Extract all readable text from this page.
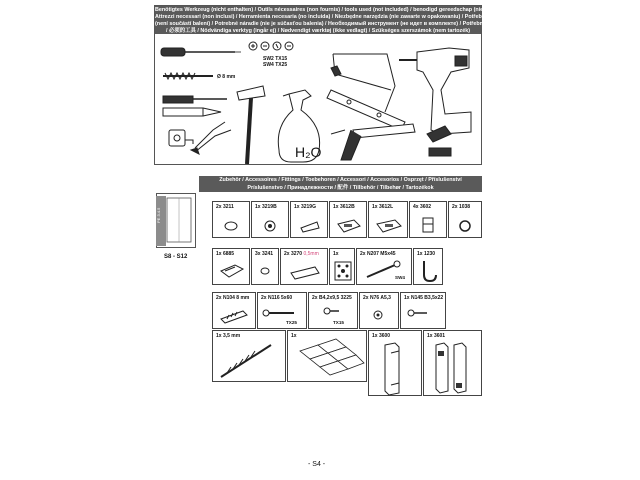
Benötigtes Werkzeug (nicht enthalten) / Outils nécessaires (non fournis) / tools used (not included) / benodigd gereedschap (niet inbegrepen)
Attrezzi necessari (non inclusi) / Herramienta necesaria (no incluida) / Niezbędne narzędzia (nie zawarte w opakowaniu) / Potřebné nářadí
(není součástí balení) / Potrebné náradie (nie je súčasťou balenia) / Необходимый инструмент (не идет в комплекте) / Potřebné nářadí
/ 必须的工具 / Nödvändiga verktyg (ingår ej) / Nødvendigt værktøj (ikke vedlagt) / Szükséges szerszámok (nem tartozék)
SW2 TX15
SW4 TX25
Ø 8 mm
H₂O
PE 3.4.5
S8 - S12
Zubehör / Accessoires / Fittings / Toebehoren / Accessori / Accesorios / Osprzęt / Příslušenství
Príslušenstvo / Принадлежности / 配件 / Tillbehör / Tilbehør / Tartozékok
2x 3211	1x 3219B	1x 3219G	1x 3612B	1x 3612L	4x 3602	2x 1038
1x 6885	3x 3241 2x 3270 0,5mm	1x	2x N207 M5x45
SW4
1x 1230
2x N104 8 mm 2x N116 5x60
TX25
2x B4,2x9,5 3225
TX15
2x N76 A5,3	1x N145 B3,5x22
1x 3,5 mm	1x	1x 3600	1x 3601
- S4 -
